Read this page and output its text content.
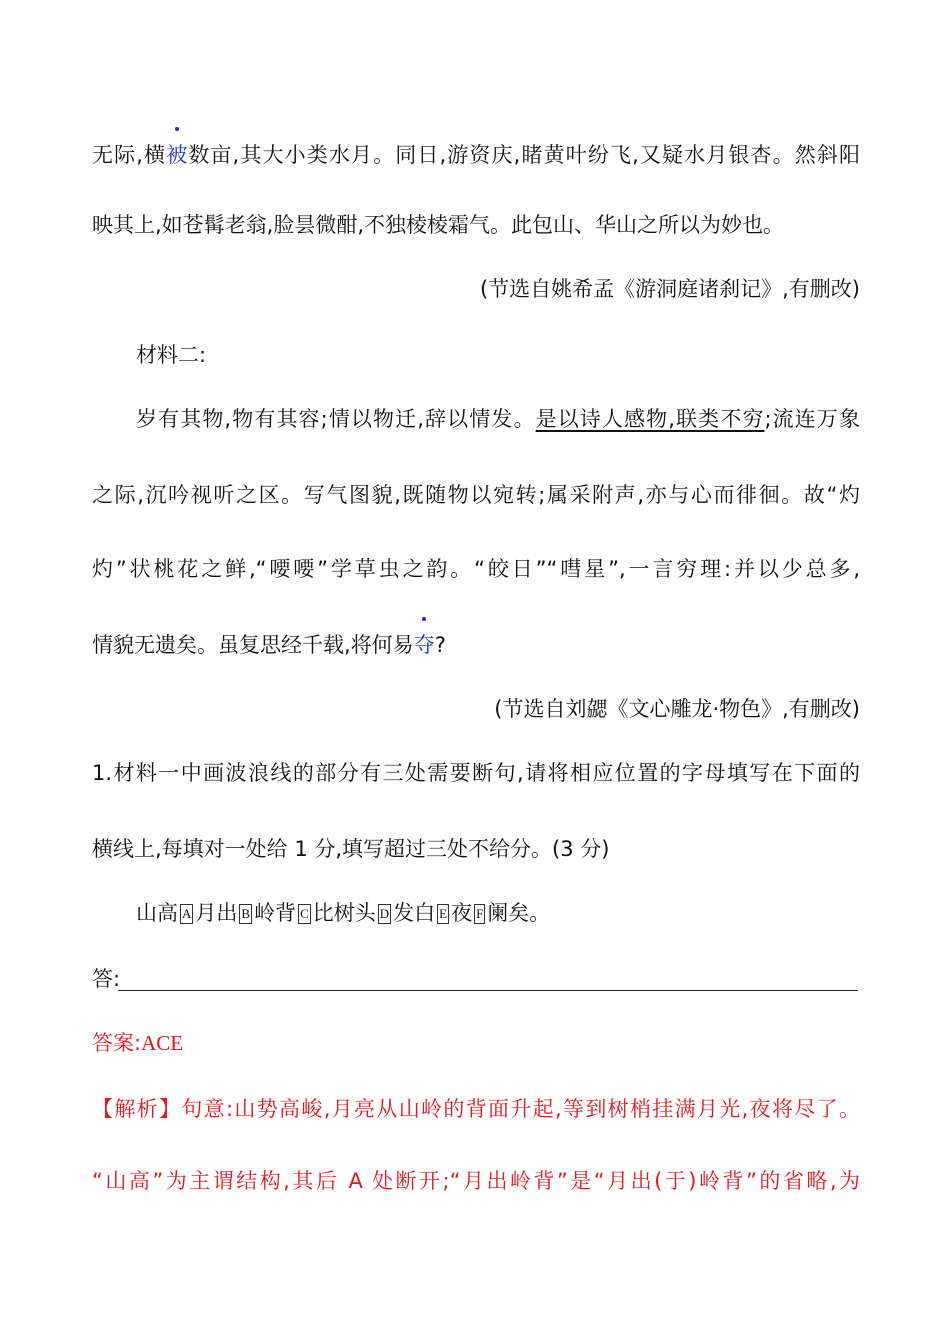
无际,横被数亩,其大小类水月。同日,游资庆,睹黄叶纷飞,又疑水月银杏。然斜阳
映其上,如苍髯老翁,脸昙微酣,不独棱棱霜气。此包山、华山之所以为妙也。
(节选自姚希孟《游洞庭诸刹记》,有删改)
材料二:
岁有其物,物有其容;情以物迁,辞以情发。是以诗人感物,联类不穷;流连万象
之际,沉吟视听之区。写气图貌,既随物以宛转;属采附声,亦与心而徘徊。故“灼
灼”状桃花之鲜,“喓喓”学草虫之韵。“皎日”“嘒星”,一言穷理:并以少总多,
情貌无遗矣。虽复思经千载,将何易夺?
(节选自刘勰《文心雕龙·物色》,有删改)
1.材料一中画波浪线的部分有三处需要断句,请将相应位置的字母填写在下面的
横线上,每填对一处给 1 分,填写超过三处不给分。(3 分)
山高 A 月出 B 岭背 C 比树头 D 发白 E 夜 F 阑矣。
答:
答案:ACE
【解析】句意:山势高峻,月亮从山岭的背面升起,等到树梢挂满月光,夜将尽了。
“山高”为主谓结构,其后 A 处断开;“月出岭背”是“月出(于)岭背”的省略,为
